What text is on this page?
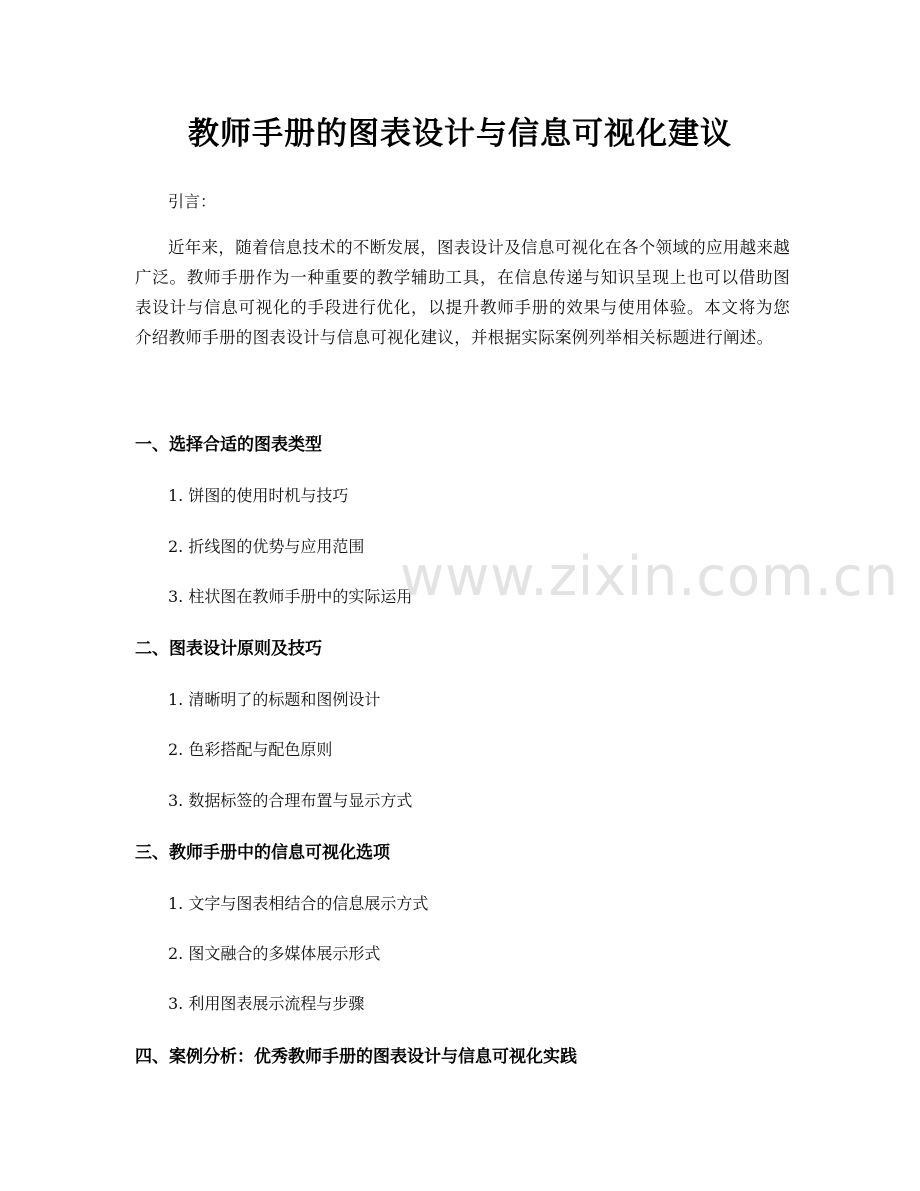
教师手册的图表设计与信息可视化建议
引言：
近年来，随着信息技术的不断发展，图表设计及信息可视化在各个领域的应用越来越广泛。教师手册作为一种重要的教学辅助工具，在信息传递与知识呈现上也可以借助图表设计与信息可视化的手段进行优化，以提升教师手册的效果与使用体验。本文将为您介绍教师手册的图表设计与信息可视化建议，并根据实际案例列举相关标题进行阐述。
一、选择合适的图表类型
1. 饼图的使用时机与技巧
2. 折线图的优势与应用范围
3. 柱状图在教师手册中的实际运用
二、图表设计原则及技巧
1. 清晰明了的标题和图例设计
2. 色彩搭配与配色原则
3. 数据标签的合理布置与显示方式
三、教师手册中的信息可视化选项
1. 文字与图表相结合的信息展示方式
2. 图文融合的多媒体展示形式
3. 利用图表展示流程与步骤
四、案例分析：优秀教师手册的图表设计与信息可视化实践
www.zixin.com.cn
